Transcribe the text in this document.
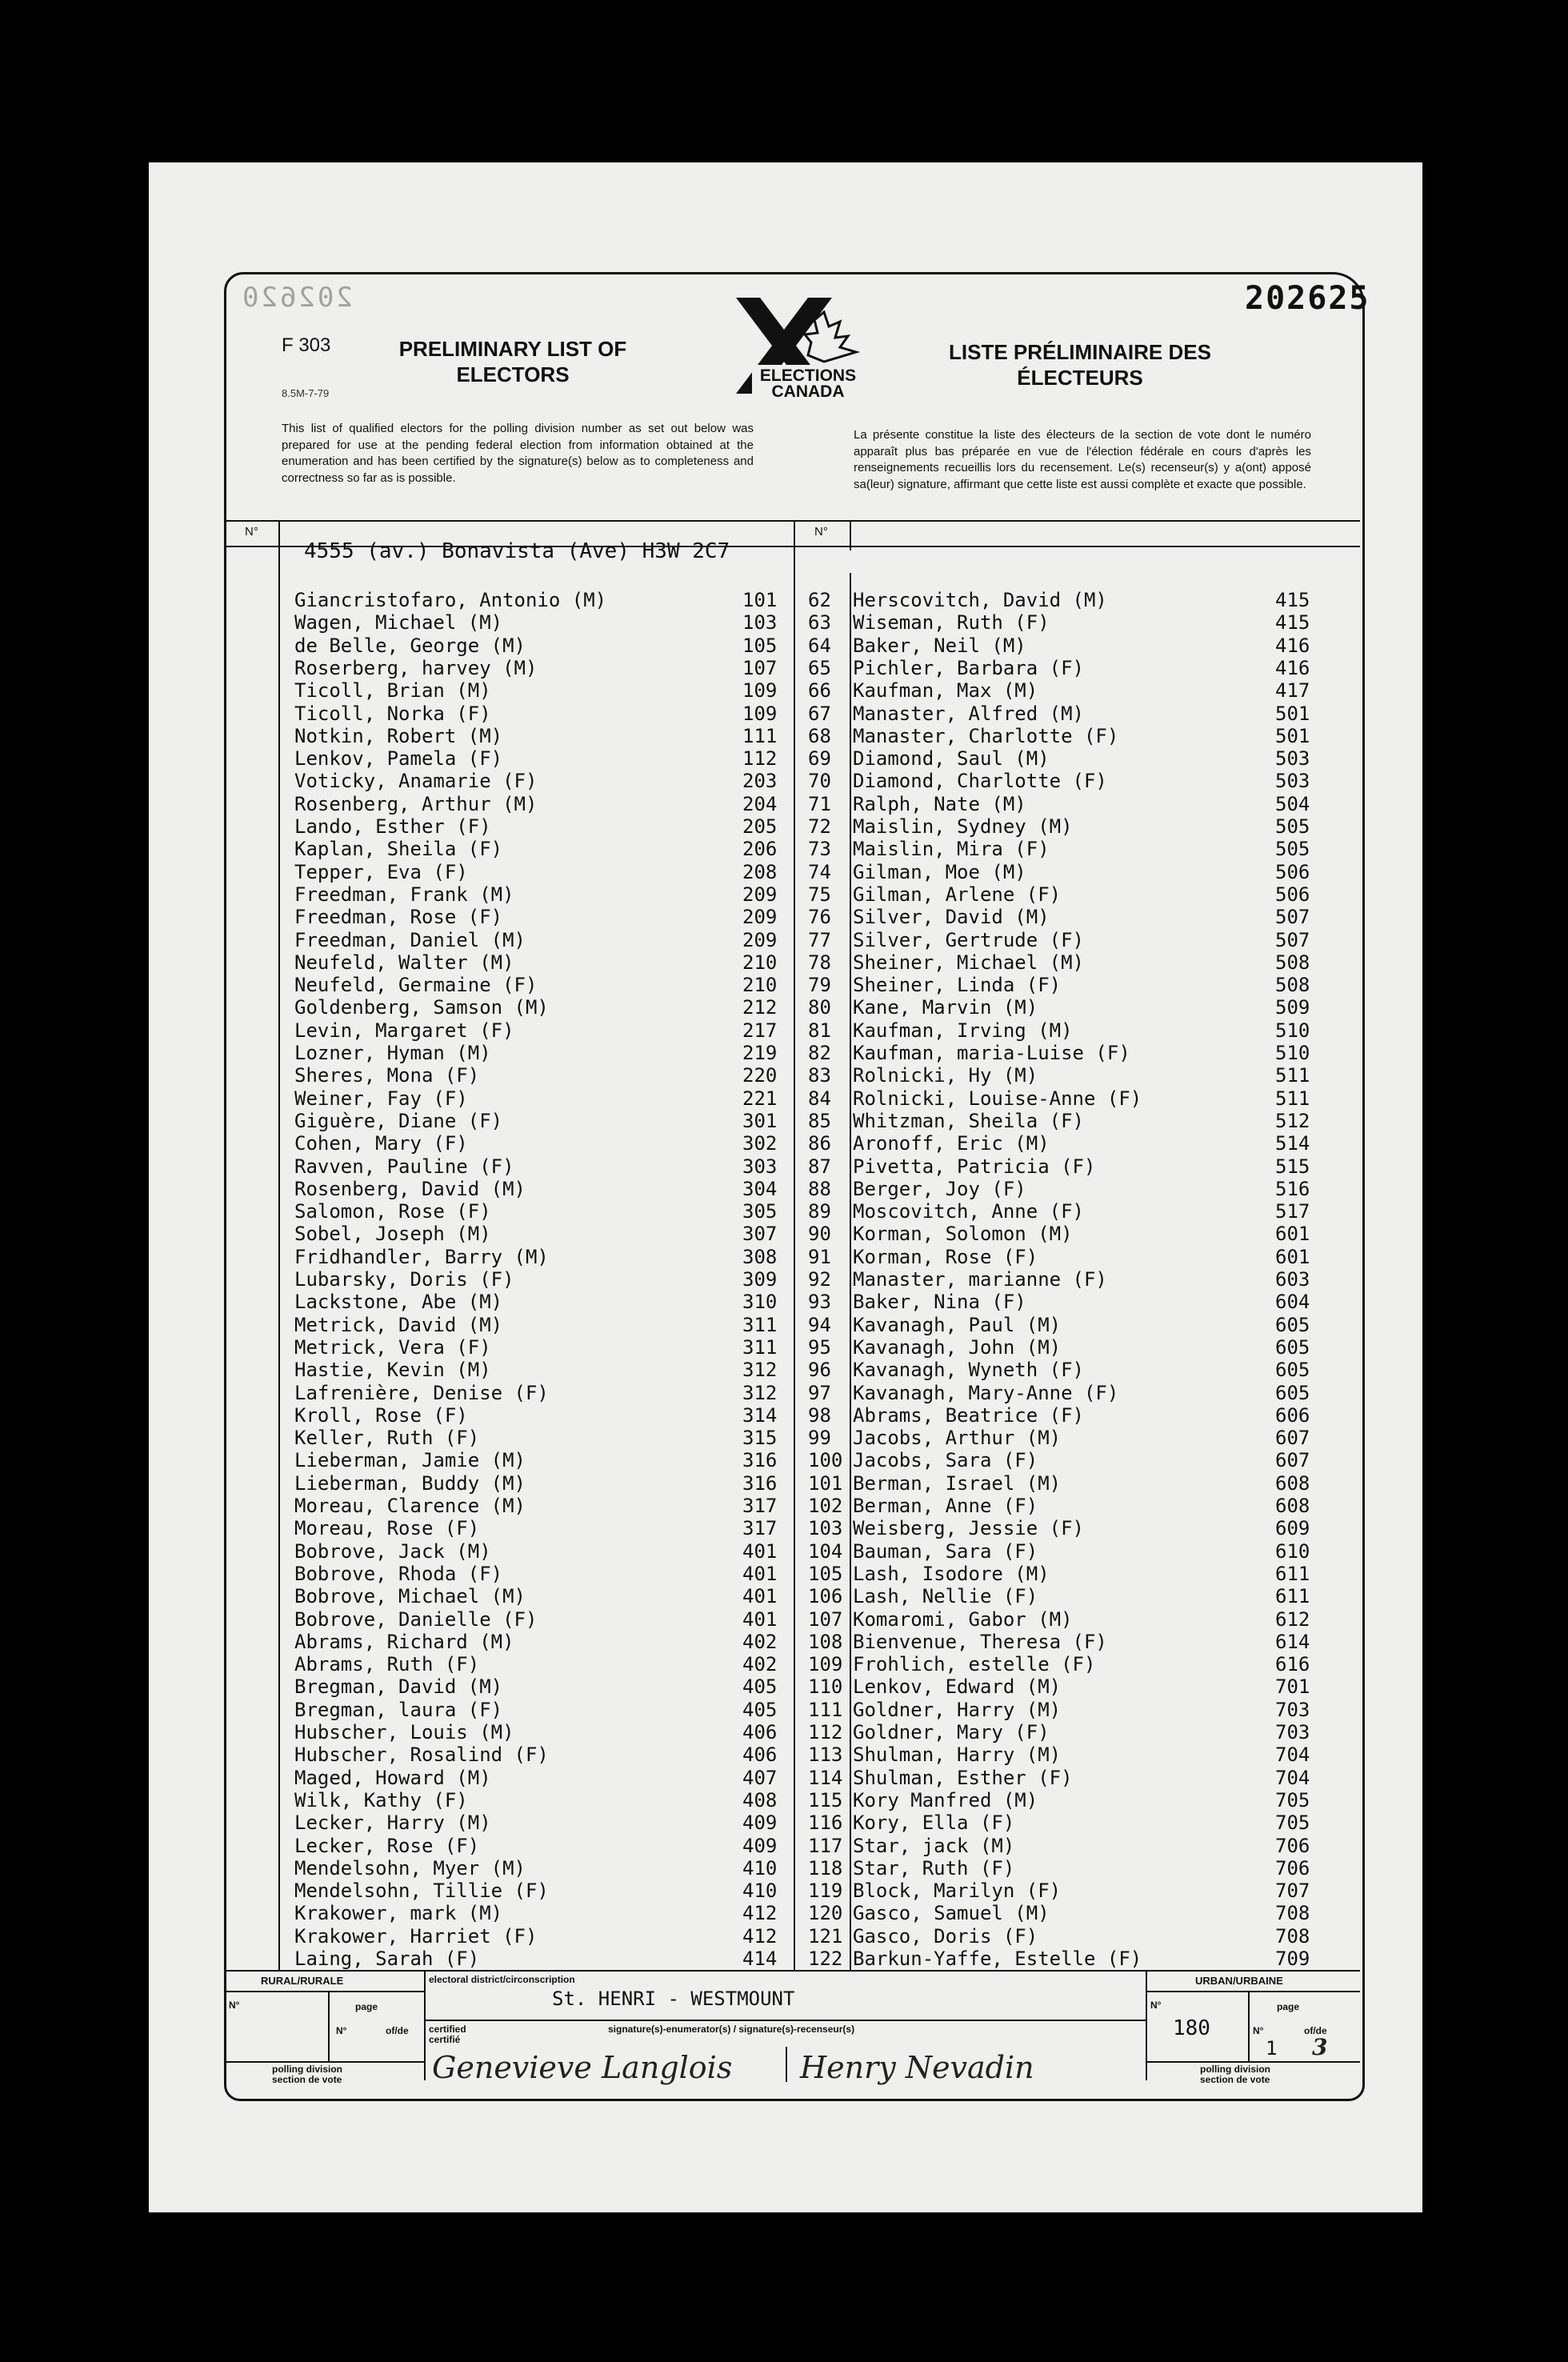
202620	202625
F 303
8.5M-7-79
PRELIMINARY LIST OF ELECTORS
LISTE PRÉLIMINAIRE DES ÉLECTEURS
ELECTIONS
CANADA
This list of qualified electors for the polling division number as set out below was prepared for use at the pending federal election from information obtained at the enumeration and has been certified by the signature(s) below as to completeness and correctness so far as is possible.
La présente constitue la liste des électeurs de la section de vote dont le numéro apparaît plus bas préparée en vue de l'élection fédérale en cours d'après les renseignements recueillis lors du recensement. Le(s) recenseur(s) y a(ont) apposé sa(leur) signature, affirmant que cette liste est aussi complète et exacte que possible.
N°	N°
4555 (av.) Bonavista (Ave) H3W 2C7
Giancristofaro, Antonio (M)	101
Wagen, Michael (M)	103
de Belle, George (M)	105
Roserberg, harvey (M)	107
Ticoll, Brian (M)	109
Ticoll, Norka (F)	109
Notkin, Robert (M)	111
Lenkov, Pamela (F)	112
Voticky, Anamarie (F)	203
Rosenberg, Arthur (M)	204
Lando, Esther (F)	205
Kaplan, Sheila (F)	206
Tepper, Eva (F)	208
Freedman, Frank (M)	209
Freedman, Rose (F)	209
Freedman, Daniel (M)	209
Neufeld, Walter (M)	210
Neufeld, Germaine (F)	210
Goldenberg, Samson (M)	212
Levin, Margaret (F)	217
Lozner, Hyman (M)	219
Sheres, Mona (F)	220
Weiner, Fay (F)	221
Giguère, Diane (F)	301
Cohen, Mary (F)	302
Ravven, Pauline (F)	303
Rosenberg, David (M)	304
Salomon, Rose (F)	305
Sobel, Joseph (M)	307
Fridhandler, Barry (M)	308
Lubarsky, Doris (F)	309
Lackstone, Abe (M)	310
Metrick, David (M)	311
Metrick, Vera (F)	311
Hastie, Kevin (M)	312
Lafrenière, Denise (F)	312
Kroll, Rose (F)	314
Keller, Ruth (F)	315
Lieberman, Jamie (M)	316
Lieberman, Buddy (M)	316
Moreau, Clarence (M)	317
Moreau, Rose (F)	317
Bobrove, Jack (M)	401
Bobrove, Rhoda (F)	401
Bobrove, Michael (M)	401
Bobrove, Danielle (F)	401
Abrams, Richard (M)	402
Abrams, Ruth (F)	402
Bregman, David (M)	405
Bregman, laura (F)	405
Hubscher, Louis (M)	406
Hubscher, Rosalind (F)	406
Maged, Howard (M)	407
Wilk, Kathy (F)	408
Lecker, Harry (M)	409
Lecker, Rose (F)	409
Mendelsohn, Myer (M)	410
Mendelsohn, Tillie (F)	410
Krakower, mark (M)	412
Krakower, Harriet (F)	412
Laing, Sarah (F)	414
62 Herscovitch, David (M)	415
63 Wiseman, Ruth (F)	415
64 Baker, Neil (M)	416
65 Pichler, Barbara (F)	416
66 Kaufman, Max (M)	417
67 Manaster, Alfred (M)	501
68 Manaster, Charlotte (F)	501
69 Diamond, Saul (M)	503
70 Diamond, Charlotte (F)	503
71 Ralph, Nate (M)	504
72 Maislin, Sydney (M)	505
73 Maislin, Mira (F)	505
74 Gilman, Moe (M)	506
75 Gilman, Arlene (F)	506
76 Silver, David (M)	507
77 Silver, Gertrude (F)	507
78 Sheiner, Michael (M)	508
79 Sheiner, Linda (F)	508
80 Kane, Marvin (M)	509
81 Kaufman, Irving (M)	510
82 Kaufman, maria-Luise (F)	510
83 Rolnicki, Hy (M)	511
84 Rolnicki, Louise-Anne (F)	511
85 Whitzman, Sheila (F)	512
86 Aronoff, Eric (M)	514
87 Pivetta, Patricia (F)	515
88 Berger, Joy (F)	516
89 Moscovitch, Anne (F)	517
90 Korman, Solomon (M)	601
91 Korman, Rose (F)	601
92 Manaster, marianne (F)	603
93 Baker, Nina (F)	604
94 Kavanagh, Paul (M)	605
95 Kavanagh, John (M)	605
96 Kavanagh, Wyneth (F)	605
97 Kavanagh, Mary-Anne (F)	605
98 Abrams, Beatrice (F)	606
99 Jacobs, Arthur (M)	607
100 Jacobs, Sara (F)	607
101 Berman, Israel (M)	608
102 Berman, Anne (F)	608
103 Weisberg, Jessie (F)	609
104 Bauman, Sara (F)	610
105 Lash, Isodore (M)	611
106 Lash, Nellie (F)	611
107 Komaromi, Gabor (M)	612
108 Bienvenue, Theresa (F)	614
109 Frohlich, estelle (F)	616
110 Lenkov, Edward (M)	701
111 Goldner, Harry (M)	703
112 Goldner, Mary (F)	703
113 Shulman, Harry (M)	704
114 Shulman, Esther (F)	704
115 Kory Manfred (M)	705
116 Kory, Ella (F)	705
117 Star, jack (M)	706
118 Star, Ruth (F)	706
119 Block, Marilyn (F)	707
120 Gasco, Samuel (M)	708
121 Gasco, Doris (F)	708
122 Barkun-Yaffe, Estelle (F)	709
RURAL/RURALE
N°	page
N°	of/de
polling division
section de vote
electoral district/circonscription
St. HENRI - WESTMOUNT
certified
certifié
signature(s)-enumerator(s) / signature(s)-recenseur(s)
Genevieve Langlois Henry Nevadin
URBAN/URBAINE
N°
180
page
N°	of/de
1 3
polling division
section de vote
